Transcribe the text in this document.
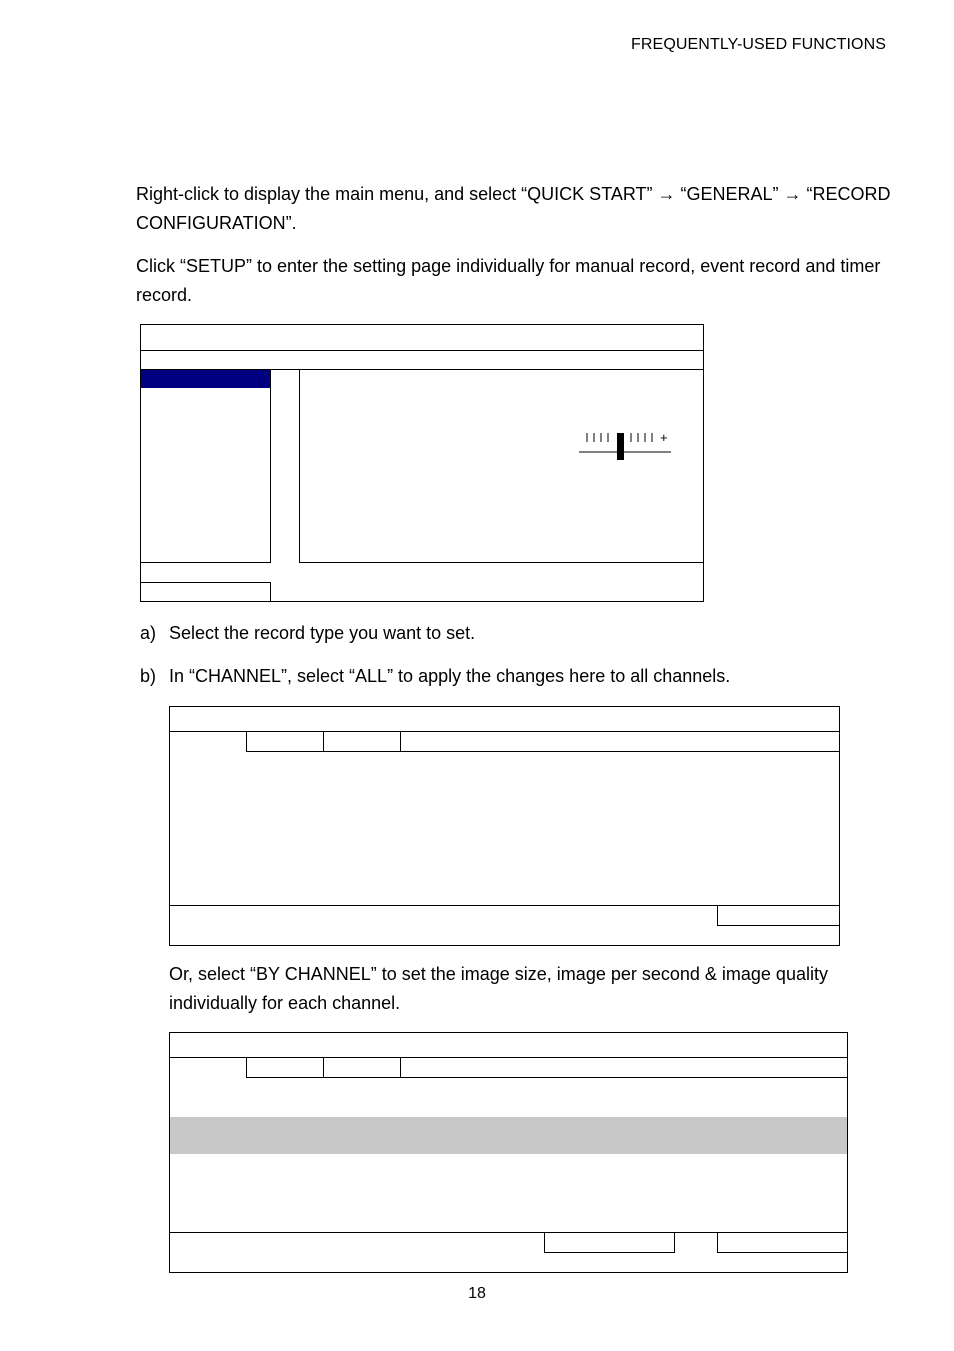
FREQUENTLY-USED FUNCTIONS
Right-click to display the main menu, and select “QUICK START” → “GENERAL” → “RECORD CONFIGURATION”.
Click “SETUP” to enter the setting page individually for manual record, event record and timer record.
+
a) Select the record type you want to set.
b) In “CHANNEL”, select “ALL” to apply the changes here to all channels.
Or, select “BY CHANNEL” to set the image size, image per second & image quality individually for each channel.
18
